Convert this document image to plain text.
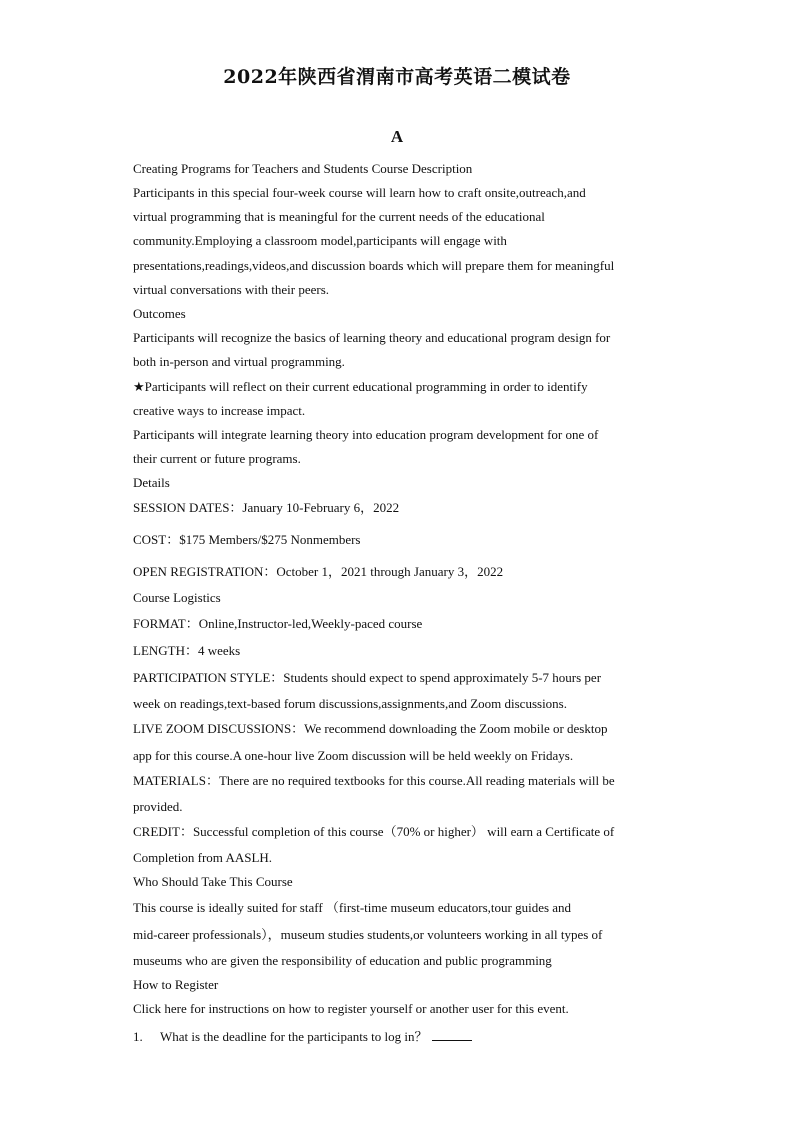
2022年陕西省渭南市高考英语二模试卷
A
Creating Programs for Teachers and Students Course Description
Participants in this special four-week course will learn how to craft onsite,outreach,and
virtual programming that is meaningful for the current needs of the educational
community.Employing a classroom model,participants will engage with
presentations,readings,videos,and discussion boards which will prepare them for meaningful
virtual conversations with their peers.
Outcomes
Participants will recognize the basics of learning theory and educational program design for
both in-person and virtual programming.
★Participants will reflect on their current educational programming in order to identify
creative ways to increase impact.
Participants will integrate learning theory into education program development for one of
their current or future programs.
Details
SESSION DATES：January 10-February 6，2022
COST：$175 Members/$275 Nonmembers
OPEN REGISTRATION：October 1，2021 through January 3，2022
Course Logistics
FORMAT：Online,Instructor-led,Weekly-paced course
LENGTH：4 weeks
PARTICIPATION STYLE：Students should expect to spend approximately 5-7 hours per
week on readings,text-based forum discussions,assignments,and Zoom discussions.
LIVE ZOOM DISCUSSIONS：We recommend downloading the Zoom mobile or desktop
app for this course.A one-hour live Zoom discussion will be held weekly on Fridays.
MATERIALS：There are no required textbooks for this course.All reading materials will be
provided.
CREDIT：Successful completion of this course（70% or higher） will earn a Certificate of
Completion from AASLH.
Who Should Take This Course
This course is ideally suited for staff （first-time museum educators,tour guides and
mid-career professionals），museum studies students,or volunteers working in all types of
museums who are given the responsibility of education and public programming
How to Register
Click here for instructions on how to register yourself or another user for this event.
1. What is the deadline for the participants to log in？
